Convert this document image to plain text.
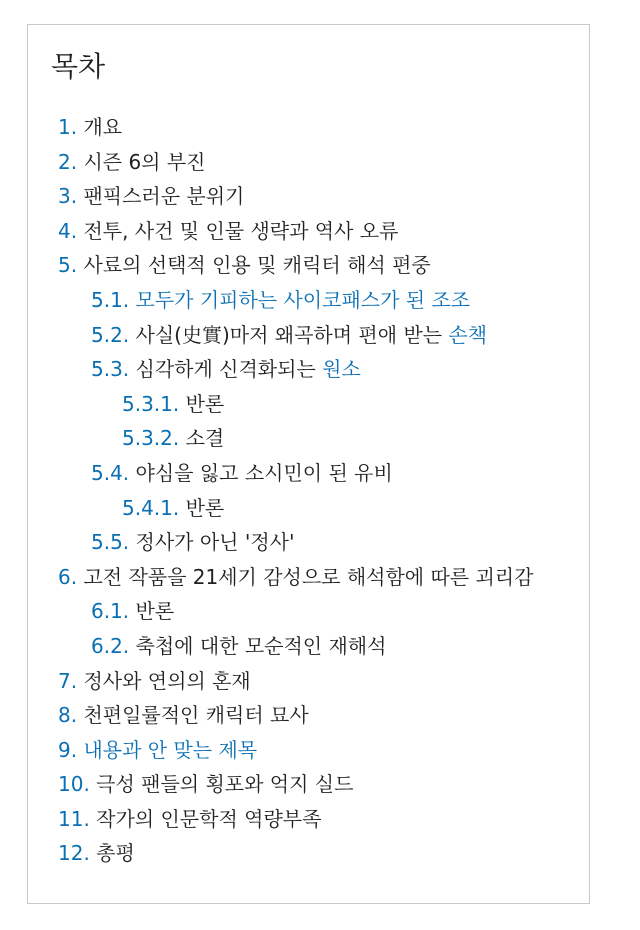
목차
1. 개요
2. 시즌 6의 부진
3. 팬픽스러운 분위기
4. 전투, 사건 및 인물 생략과 역사 오류
5. 사료의 선택적 인용 및 캐릭터 해석 편중
5.1. 모두가 기피하는 사이코패스가 된 조조
5.2. 사실(史實)마저 왜곡하며 편애 받는 손책
5.3. 심각하게 신격화되는 원소
5.3.1. 반론
5.3.2. 소결
5.4. 야심을 잃고 소시민이 된 유비
5.4.1. 반론
5.5. 정사가 아닌 '정사'
6. 고전 작품을 21세기 감성으로 해석함에 따른 괴리감
6.1. 반론
6.2. 축첩에 대한 모순적인 재해석
7. 정사와 연의의 혼재
8. 천편일률적인 캐릭터 묘사
9. 내용과 안 맞는 제목
10. 극성 팬들의 횡포와 억지 실드
11. 작가의 인문학적 역량부족
12. 총평
